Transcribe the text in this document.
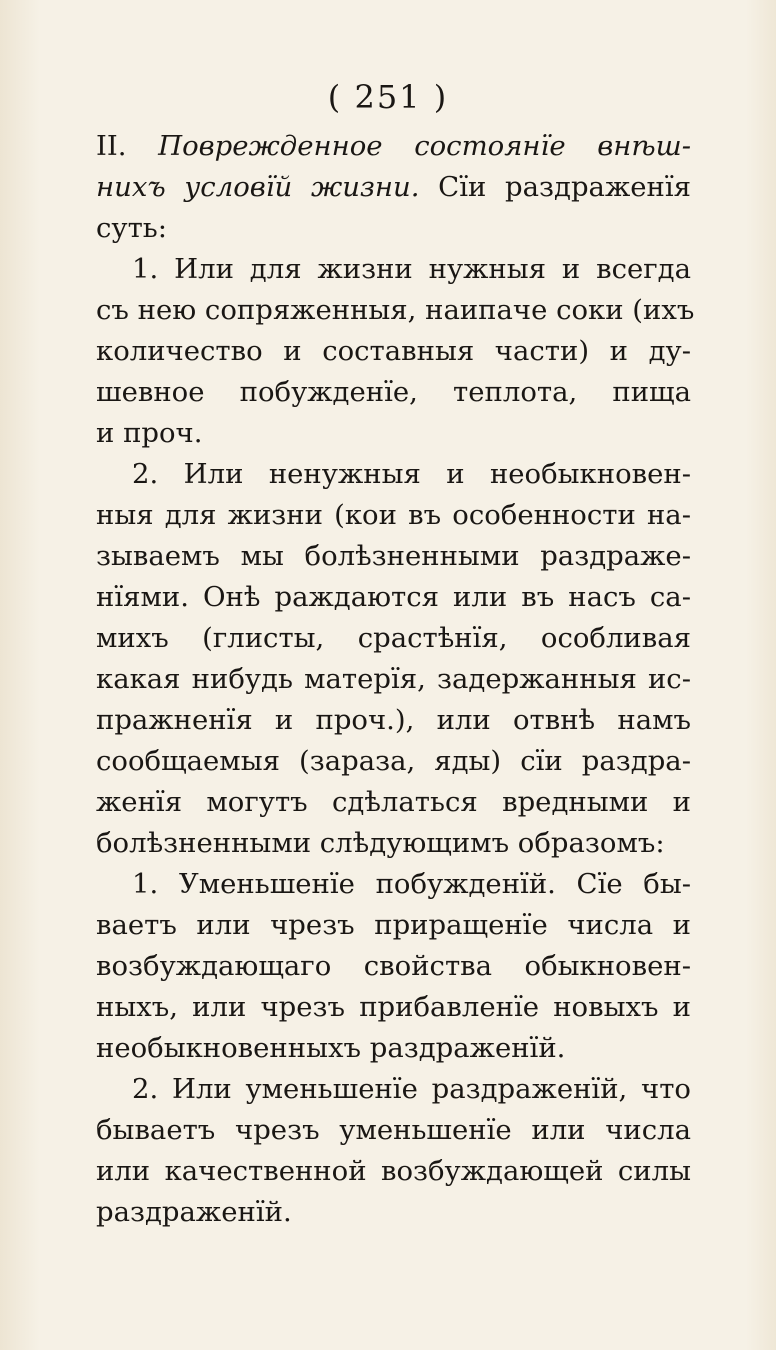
( 251 )
II. Поврежденное состоянїе внѣш-
нихъ условїй жизни. Сїи раздраженїя
суть:
1. Или для жизни нужныя и всегда
съ нею сопряженныя, наипаче соки (ихъ
количество и составныя части) и ду-
шевное побужденїе, теплота, пища
и проч.
2. Или ненужныя и необыкновен-
ныя для жизни (кои въ особенности на-
зываемъ мы болѣзненными раздраже-
нїями. Онѣ раждаются или въ насъ са-
михъ (глисты, срастѣнїя, особливая
какая нибудь матерїя, задержанныя ис-
пражненїя и проч.), или отвнѣ намъ
сообщаемыя (зараза, яды) сїи раздра-
женїя могутъ сдѣлаться вредными и
болѣзненными слѣдующимъ образомъ:
1. Уменьшенїе побужденїй. Сїе бы-
ваетъ или чрезъ приращенїе числа и
возбуждающаго свойства обыкновен-
ныхъ, или чрезъ прибавленїе новыхъ и
необыкновенныхъ раздраженїй.
2. Или уменьшенїе раздраженїй, что
бываетъ чрезъ уменьшенїе или числа
или качественной возбуждающей силы
раздраженїй.
